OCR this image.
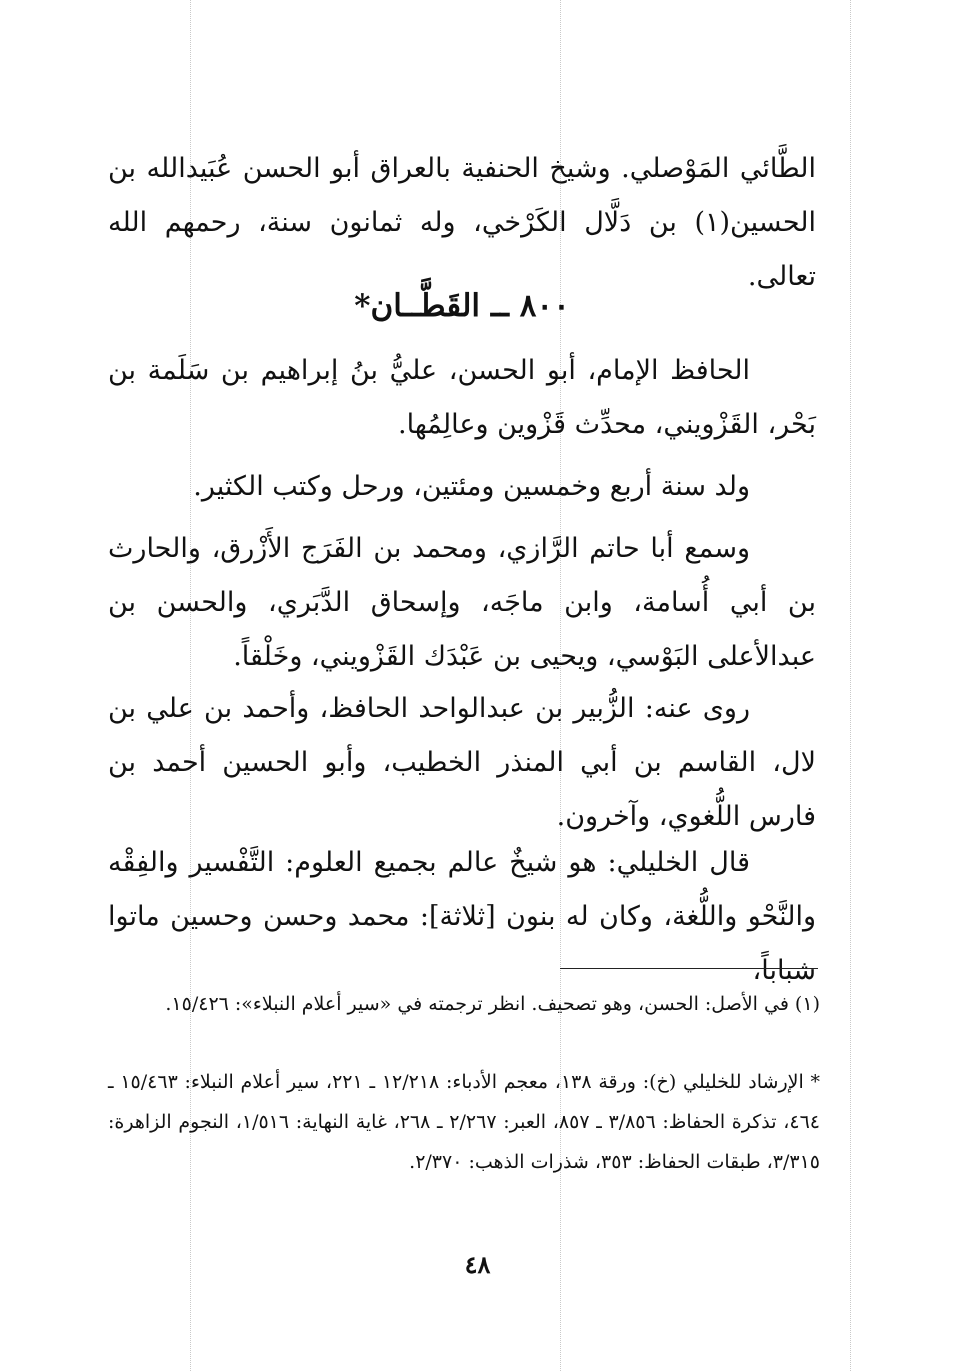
الطَّائي المَوْصلي. وشيخ الحنفية بالعراق أبو الحسن عُبَيدالله بن الحسين(١) بن دَلَّال الكَرْخي، وله ثمانون سنة، رحمهم الله تعالى.

٨٠٠ ــ القَطَّــان*

الحافظ الإمام، أبو الحسن، عليُّ بنُ إبراهيم بن سَلَمة بن بَحْر، القَزْويني، محدِّث قَزْوين وعالِمُها.

ولد سنة أربع وخمسين ومئتين، ورحل وكتب الكثير.

وسمع أبا حاتم الرَّازي، ومحمد بن الفَرَج الأَزْرق، والحارث بن أبي أُسامة، وابن ماجَه، وإسحاق الدَّبَري، والحسن بن عبدالأعلى البَوْسي، ويحيى بن عَبْدَك القَزْويني، وخَلْقاً.

روى عنه: الزُّبير بن عبدالواحد الحافظ، وأحمد بن علي بن لال، القاسم بن أبي المنذر الخطيب، وأبو الحسين أحمد بن فارس اللُّغوي، وآخرون.

قال الخليلي: هو شيخٌ عالم بجميع العلوم: التَّفْسير والفِقْه والنَّحْو واللُّغة، وكان له بنون [ثلاثة]: محمد وحسن وحسين ماتوا شباباً،

(١) في الأصل: الحسن، وهو تصحيف. انظر ترجمته في «سير أعلام النبلاء»: ١٥/٤٢٦.

* الإرشاد للخليلي (خ): ورقة ١٣٨، معجم الأدباء: ١٢/٢١٨ ـ ٢٢١، سير أعلام النبلاء: ١٥/٤٦٣ ـ ٤٦٤، تذكرة الحفاظ: ٣/٨٥٦ ـ ٨٥٧، العبر: ٢/٢٦٧ ـ ٢٦٨، غاية النهاية: ١/٥١٦، النجوم الزاهرة: ٣/٣١٥، طبقات الحفاظ: ٣٥٣، شذرات الذهب: ٢/٣٧٠.

٤٨
